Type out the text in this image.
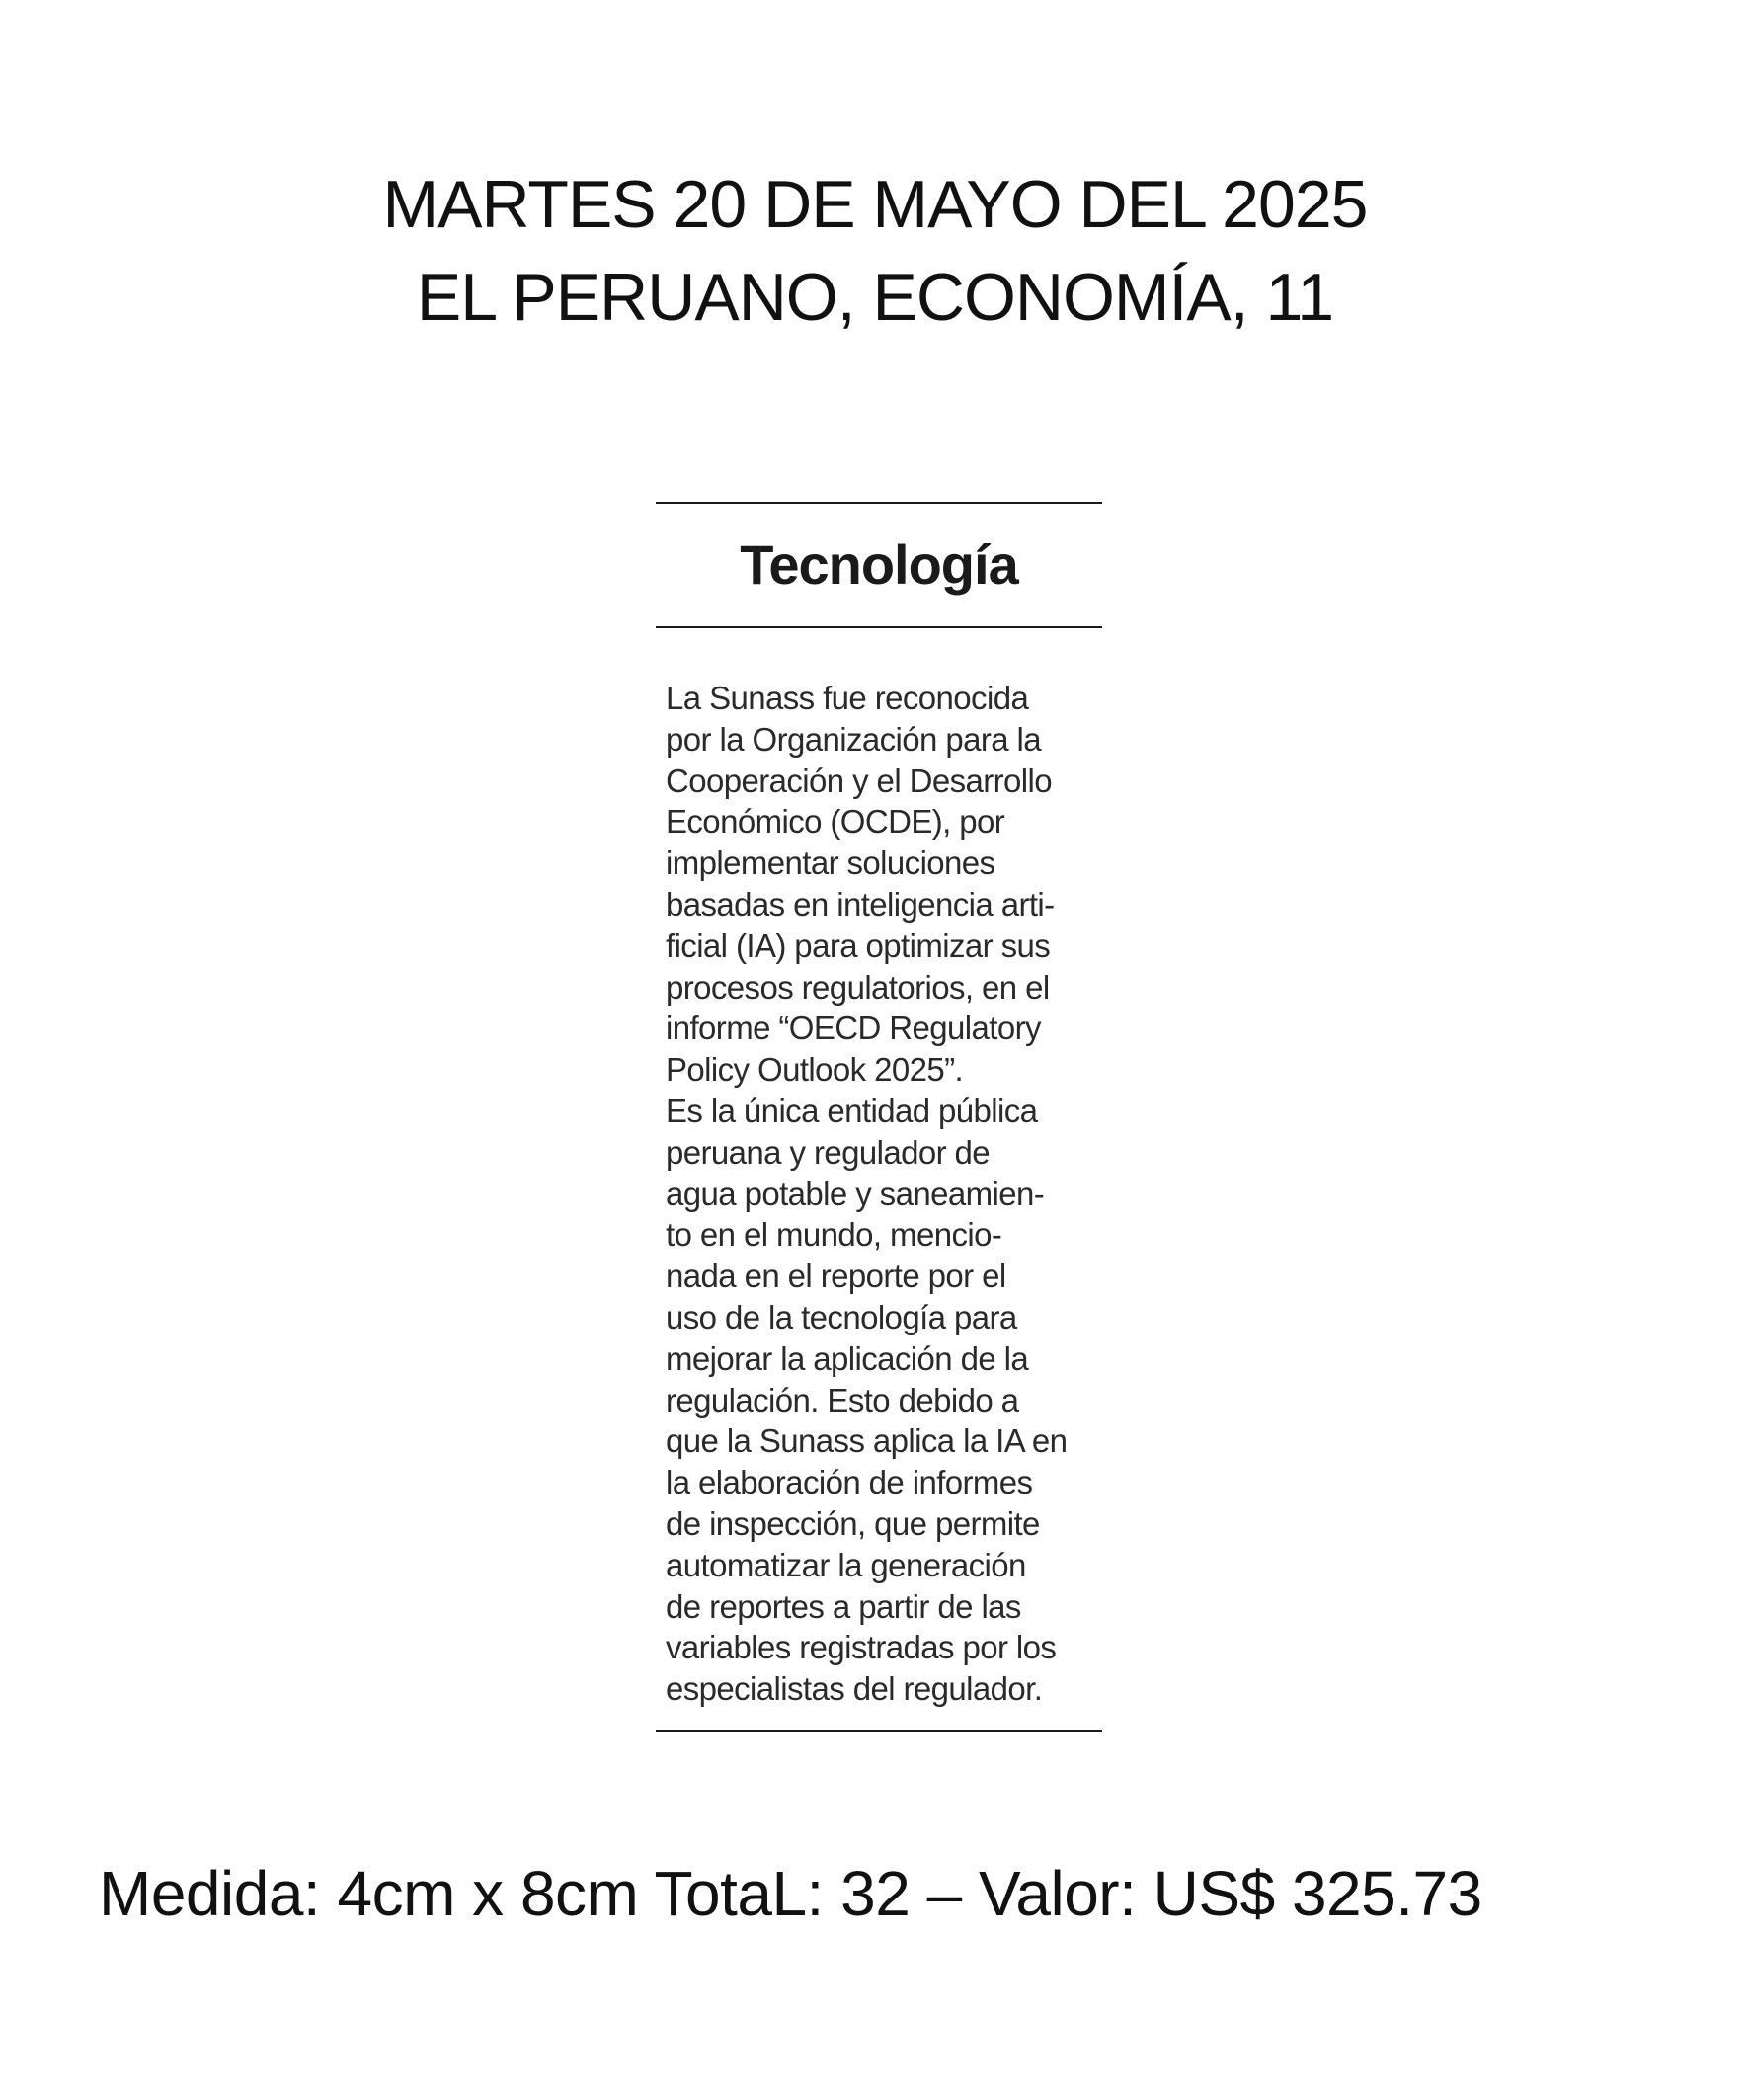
MARTES 20 DE MAYO DEL 2025
EL PERUANO, ECONOMÍA, 11
Tecnología
La Sunass fue reconocida
por la Organización para la
Cooperación y el Desarrollo
Económico (OCDE), por
implementar soluciones
basadas en inteligencia arti-
ficial (IA) para optimizar sus
procesos regulatorios, en el
informe “OECD Regulatory
Policy Outlook 2025”.
Es la única entidad pública
peruana y regulador de
agua potable y saneamien-
to en el mundo, mencio-
nada en el reporte por el
uso de la tecnología para
mejorar la aplicación de la
regulación. Esto debido a
que la Sunass aplica la IA en
la elaboración de informes
de inspección, que permite
automatizar la generación
de reportes a partir de las
variables registradas por los
especialistas del regulador.
Medida: 4cm x 8cm TotaL: 32 – Valor: US$ 325.73
